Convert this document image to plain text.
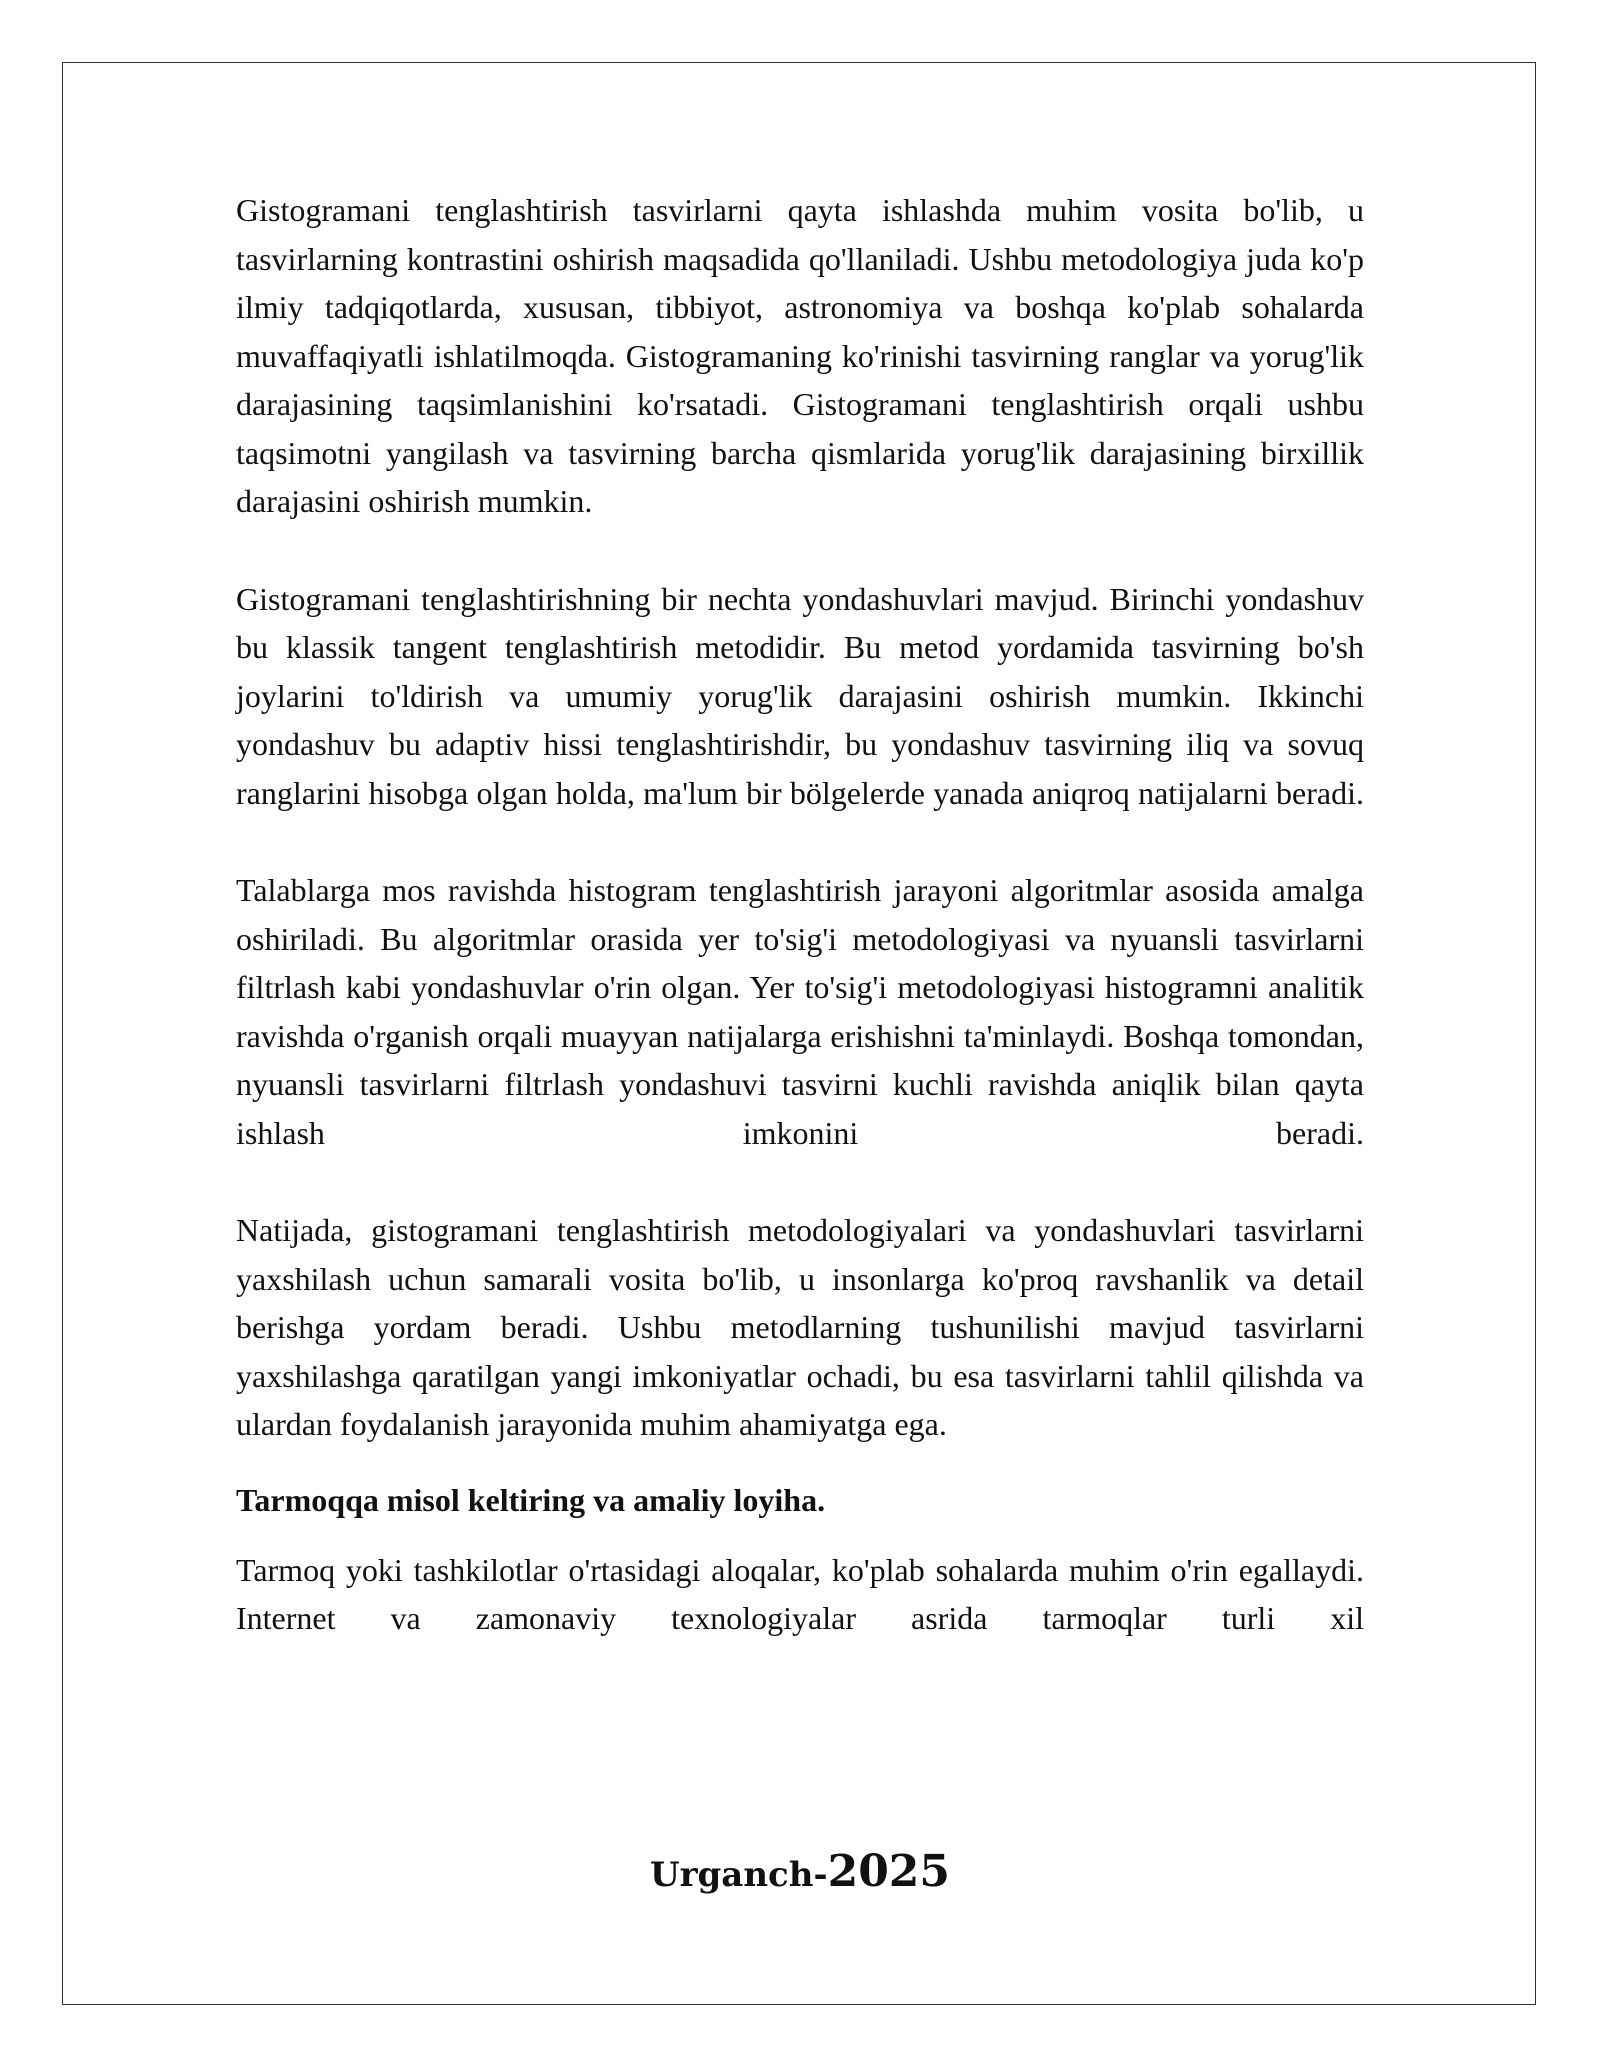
Gistogramani tenglashtirish tasvirlarni qayta ishlashda muhim vosita bo'lib, u tasvirlarning kontrastini oshirish maqsadida qo'llaniladi. Ushbu metodologiya juda ko'p ilmiy tadqiqotlarda, xususan, tibbiyot, astronomiya va boshqa ko'plab sohalarda muvaffaqiyatli ishlatilmoqda. Gistogramaning ko'rinishi tasvirning ranglar va yorug'lik darajasining taqsimlanishini ko'rsatadi. Gistogramani tenglashtirish orqali ushbu taqsimotni yangilash va tasvirning barcha qismlarida yorug'lik darajasining birxillik darajasini oshirish mumkin.

Gistogramani tenglashtirishning bir nechta yondashuvlari mavjud. Birinchi yondashuv bu klassik tangent tenglashtirish metodidir. Bu metod yordamida tasvirning bo'sh joylarini to'ldirish va umumiy yorug'lik darajasini oshirish mumkin. Ikkinchi yondashuv bu adaptiv hissi tenglashtirishdir, bu yondashuv tasvirning iliq va sovuq ranglarini hisobga olgan holda, ma'lum bir bölgelerde yanada aniqroq natijalarni beradi.

Talablarga mos ravishda histogram tenglashtirish jarayoni algoritmlar asosida amalga oshiriladi. Bu algoritmlar orasida yer to'sig'i metodologiyasi va nyuansli tasvirlarni filtrlash kabi yondashuvlar o'rin olgan. Yer to'sig'i metodologiyasi histogramni analitik ravishda o'rganish orqali muayyan natijalarga erishishni ta'minlaydi. Boshqa tomondan, nyuansli tasvirlarni filtrlash yondashuvi tasvirni kuchli ravishda aniqlik bilan qayta ishlash imkonini beradi.

Natijada, gistogramani tenglashtirish metodologiyalari va yondashuvlari tasvirlarni yaxshilash uchun samarali vosita bo'lib, u insonlarga ko'proq ravshanlik va detail berishga yordam beradi. Ushbu metodlarning tushunilishi mavjud tasvirlarni yaxshilashga qaratilgan yangi imkoniyatlar ochadi, bu esa tasvirlarni tahlil qilishda va ulardan foydalanish jarayonida muhim ahamiyatga ega.

Tarmoqqa misol keltiring va amaliy loyiha.

Tarmoq yoki tashkilotlar o'rtasidagi aloqalar, ko'plab sohalarda muhim o'rin egallaydi. Internet va zamonaviy texnologiyalar asrida tarmoqlar turli xil

Urganch-2025
